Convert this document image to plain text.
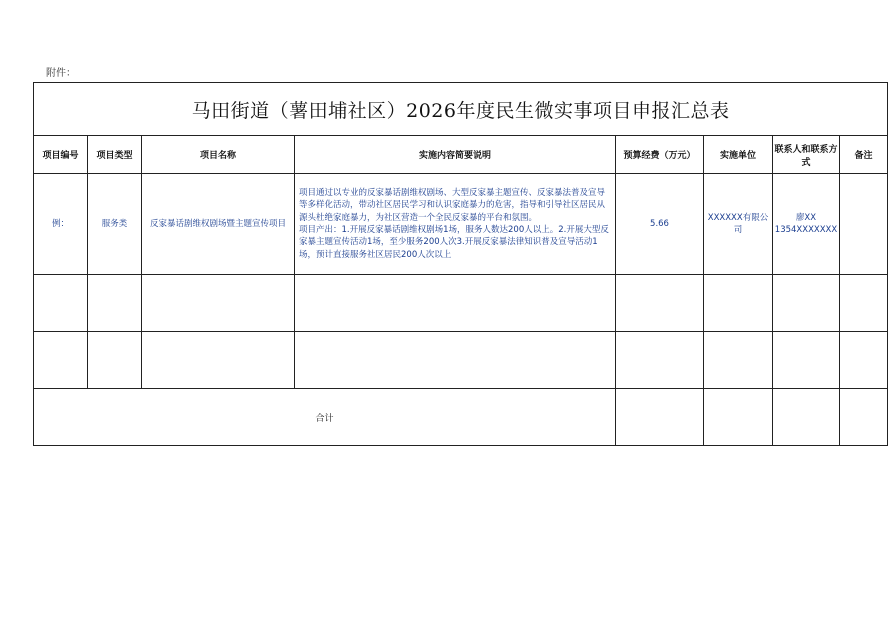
附件：
马田街道（薯田埔社区）2026年度民生微实事项目申报汇总表							
项目编号	项目类型	项目名称	实施内容简要说明	预算经费（万元）	实施单位	联系人和联系方式	备注
例：	服务类	反家暴话剧维权剧场暨主题宣传项目	项目通过以专业的反家暴话剧维权剧场、大型反家暴主题宣传、反家暴法普及宣导等多样化活动，带动社区居民学习和认识家庭暴力的危害，指导和引导社区居民从源头杜绝家庭暴力，为社区营造一个全民反家暴的平台和氛围。
项目产出：1.开展反家暴话剧维权剧场1场，服务人数达200人以上。2.开展大型反家暴主题宣传活动1场，至少服务200人次3.开展反家暴法律知识普及宣导活动1场，预计直接服务社区居民200人次以上	5.66	XXXXXX有限公司	廖XX
1354XXXXXXX	

合计							
